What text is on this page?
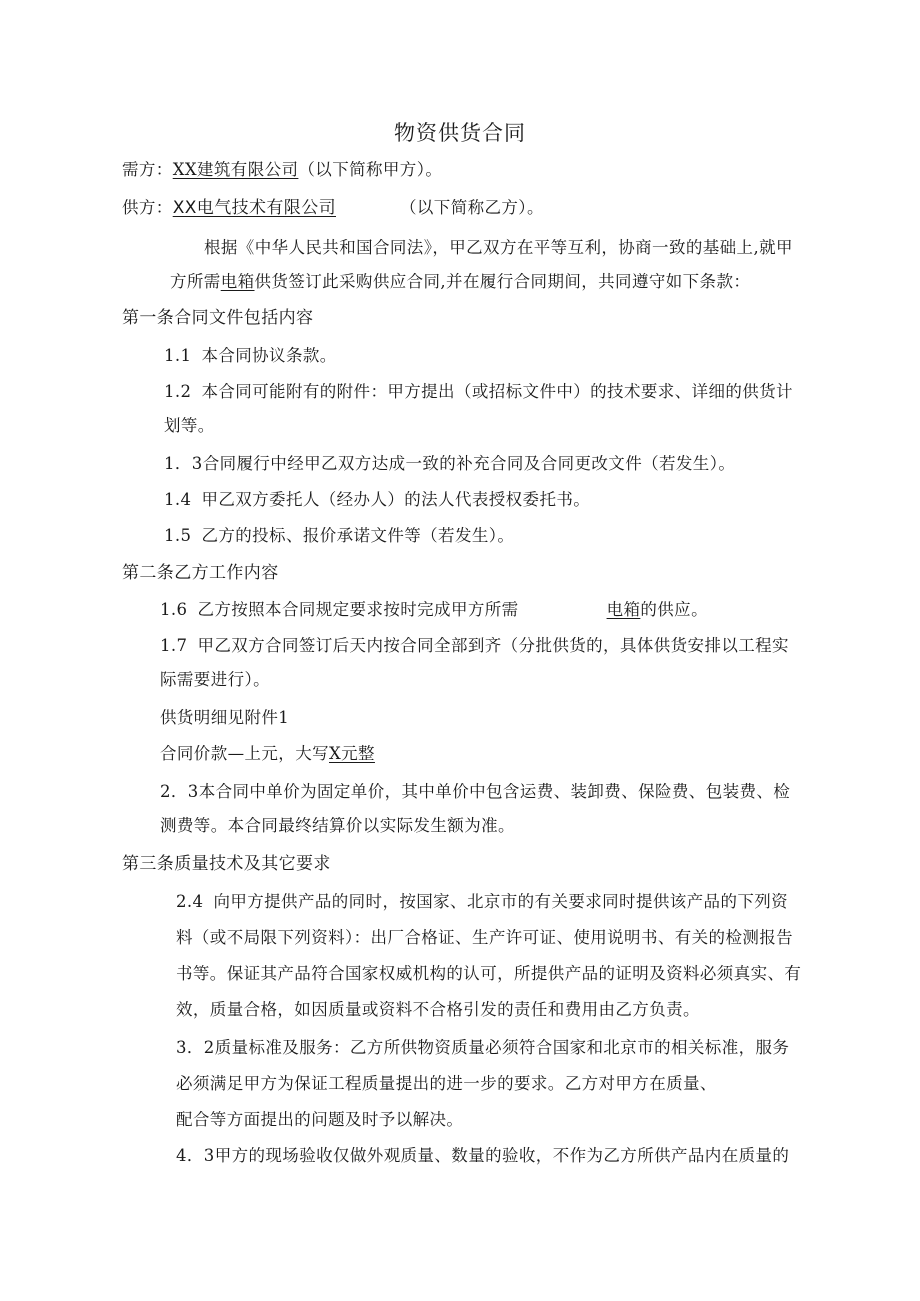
物资供货合同
需方：XX建筑有限公司（以下简称甲方）。
供方：XX电气技术有限公司	（以下简称乙方）。
根据《中华人民共和国合同法》，甲乙双方在平等互利，协商一致的基础上,就甲
方所需电箱供货签订此采购供应合同,并在履行合同期间，共同遵守如下条款：
第一条合同文件包括内容
1.1 本合同协议条款。
1.2 本合同可能附有的附件：甲方提出（或招标文件中）的技术要求、详细的供货计
划等。
1．3合同履行中经甲乙双方达成一致的补充合同及合同更改文件（若发生）。
1.4 甲乙双方委托人（经办人）的法人代表授权委托书。
1.5 乙方的投标、报价承诺文件等（若发生）。
第二条乙方工作内容
1.6 乙方按照本合同规定要求按时完成甲方所需	电箱的供应。
1.7 甲乙双方合同签订后天内按合同全部到齐（分批供货的，具体供货安排以工程实
际需要进行）。
供货明细见附件1
合同价款—上元，大写X元整
2．3本合同中单价为固定单价，其中单价中包含运费、装卸费、保险费、包装费、检
测费等。本合同最终结算价以实际发生额为准。
第三条质量技术及其它要求
2.4 向甲方提供产品的同时，按国家、北京市的有关要求同时提供该产品的下列资
料（或不局限下列资料）：出厂合格证、生产许可证、使用说明书、有关的检测报告
书等。保证其产品符合国家权威机构的认可，所提供产品的证明及资料必须真实、有
效，质量合格，如因质量或资料不合格引发的责任和费用由乙方负责。
3．2质量标准及服务：乙方所供物资质量必须符合国家和北京市的相关标准，服务
必须满足甲方为保证工程质量提出的进一步的要求。乙方对甲方在质量、
配合等方面提出的问题及时予以解决。
4．3甲方的现场验收仅做外观质量、数量的验收，不作为乙方所供产品内在质量的
